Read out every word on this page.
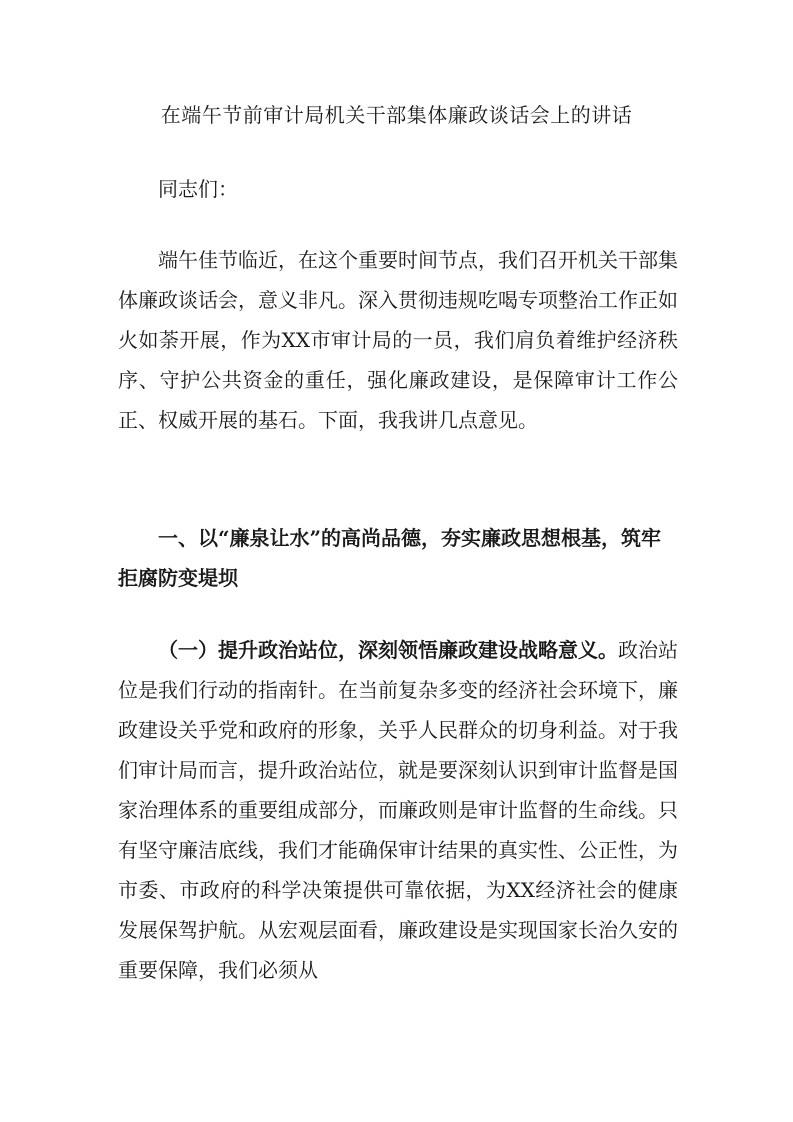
在端午节前审计局机关干部集体廉政谈话会上的讲话
同志们：

端午佳节临近，在这个重要时间节点，我们召开机关干部集体廉政谈话会，意义非凡。深入贯彻违规吃喝专项整治工作正如火如荼开展，作为XX市审计局的一员，我们肩负着维护经济秩序、守护公共资金的重任，强化廉政建设，是保障审计工作公正、权威开展的基石。下面，我我讲几点意见。

一、以“廉泉让水”的高尚品德，夯实廉政思想根基，筑牢拒腐防变堤坝

（一）提升政治站位，深刻领悟廉政建设战略意义。政治站位是我们行动的指南针。在当前复杂多变的经济社会环境下，廉政建设关乎党和政府的形象，关乎人民群众的切身利益。对于我们审计局而言，提升政治站位，就是要深刻认识到审计监督是国家治理体系的重要组成部分，而廉政则是审计监督的生命线。只有坚守廉洁底线，我们才能确保审计结果的真实性、公正性，为市委、市政府的科学决策提供可靠依据，为XX经济社会的健康发展保驾护航。从宏观层面看，廉政建设是实现国家长治久安的重要保障，我们必须从
